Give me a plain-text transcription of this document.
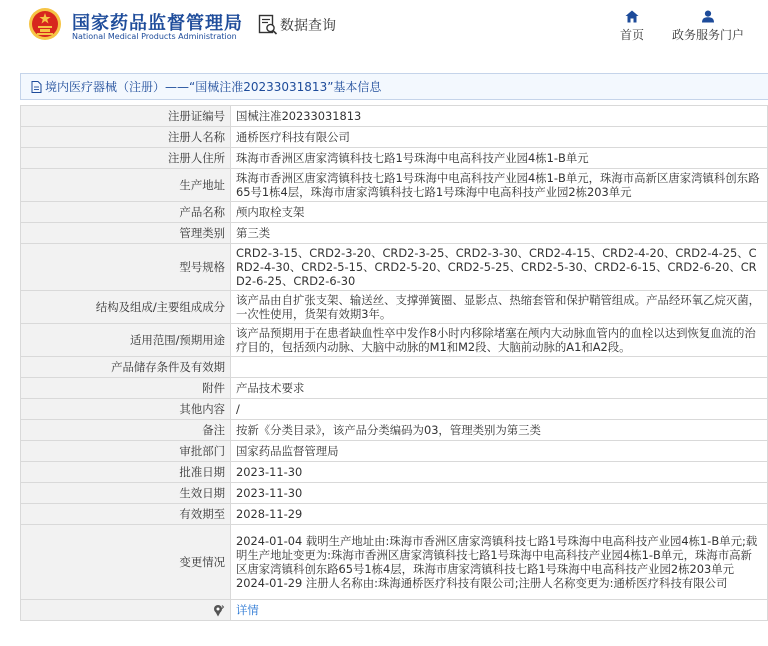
国家药品监督管理局
National Medical Products Administration
数据查询
首页 政务服务门户
境内医疗器械（注册）——“国械注准20233031813”基本信息
注册证编号	国械注准20233031813
注册人名称	通桥医疗科技有限公司
注册人住所	珠海市香洲区唐家湾镇科技七路1号珠海中电高科技产业园4栋1-B单元
生产地址	珠海市香洲区唐家湾镇科技七路1号珠海中电高科技产业园4栋1-B单元，珠海市高新区唐家湾镇科创东路65号1栋4层，珠海市唐家湾镇科技七路1号珠海中电高科技产业园2栋203单元
产品名称	颅内取栓支架
管理类别	第三类
型号规格	CRD2-3-15、CRD2-3-20、CRD2-3-25、CRD2-3-30、CRD2-4-15、CRD2-4-20、CRD2-4-25、CRD2-4-30、CRD2-5-15、CRD2-5-20、CRD2-5-25、CRD2-5-30、CRD2-6-15、CRD2-6-20、CRD2-6-25、CRD2-6-30
结构及组成/主要组成成分	该产品由自扩张支架、输送丝、支撑弹簧圈、显影点、热缩套管和保护鞘管组成。产品经环氧乙烷灭菌，一次性使用，货架有效期3年。
适用范围/预期用途	该产品预期用于在患者缺血性卒中发作8小时内移除堵塞在颅内大动脉血管内的血栓以达到恢复血流的治疗目的，包括颈内动脉、大脑中动脉的M1和M2段、大脑前动脉的A1和A2段。
产品储存条件及有效期	
附件	产品技术要求
其他内容	/
备注	按新《分类目录》，该产品分类编码为03，管理类别为第三类
审批部门	国家药品监督管理局
批准日期	2023-11-30
生效日期	2023-11-30
有效期至	2028-11-29
变更情况	2024-01-04 载明生产地址由:珠海市香洲区唐家湾镇科技七路1号珠海中电高科技产业园4栋1-B单元;载明生产地址变更为:珠海市香洲区唐家湾镇科技七路1号珠海中电高科技产业园4栋1-B单元，珠海市高新区唐家湾镇科创东路65号1栋4层，珠海市唐家湾镇科技七路1号珠海中电高科技产业园2栋203单元
2024-01-29 注册人名称由:珠海通桥医疗科技有限公司;注册人名称变更为:通桥医疗科技有限公司

	详情
